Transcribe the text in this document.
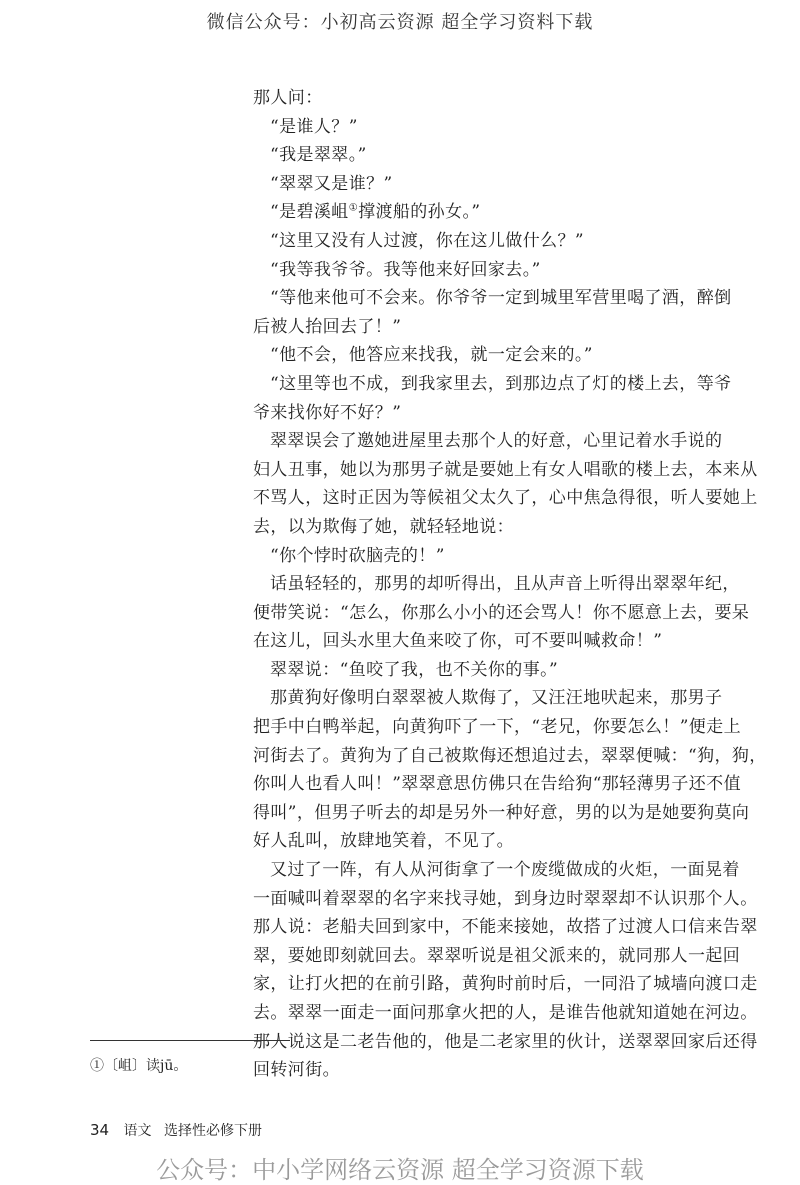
微信公众号：小初高云资源 超全学习资料下载
那人问：
“是谁人？”
“我是翠翠。”
“翠翠又是谁？”
“是碧溪岨①撑渡船的孙女。”
“这里又没有人过渡，你在这儿做什么？”
“我等我爷爷。我等他来好回家去。”
“等他来他可不会来。你爷爷一定到城里军营里喝了酒，醉倒
后被人抬回去了！”
“他不会，他答应来找我，就一定会来的。”
“这里等也不成，到我家里去，到那边点了灯的楼上去，等爷
爷来找你好不好？”
翠翠误会了邀她进屋里去那个人的好意，心里记着水手说的
妇人丑事，她以为那男子就是要她上有女人唱歌的楼上去，本来从
不骂人，这时正因为等候祖父太久了，心中焦急得很，听人要她上
去，以为欺侮了她，就轻轻地说：
“你个悖时砍脑壳的！”
话虽轻轻的，那男的却听得出，且从声音上听得出翠翠年纪，
便带笑说：“怎么，你那么小小的还会骂人！你不愿意上去，要呆
在这儿，回头水里大鱼来咬了你，可不要叫喊救命！”
翠翠说：“鱼咬了我，也不关你的事。”
那黄狗好像明白翠翠被人欺侮了，又汪汪地吠起来，那男子
把手中白鸭举起，向黄狗吓了一下，“老兄，你要怎么！”便走上
河街去了。黄狗为了自己被欺侮还想追过去，翠翠便喊：“狗，狗，
你叫人也看人叫！”翠翠意思仿佛只在告给狗“那轻薄男子还不值
得叫”，但男子听去的却是另外一种好意，男的以为是她要狗莫向
好人乱叫，放肆地笑着，不见了。
又过了一阵，有人从河街拿了一个废缆做成的火炬，一面晃着
一面喊叫着翠翠的名字来找寻她，到身边时翠翠却不认识那个人。
那人说：老船夫回到家中，不能来接她，故搭了过渡人口信来告翠
翠，要她即刻就回去。翠翠听说是祖父派来的，就同那人一起回
家，让打火把的在前引路，黄狗时前时后，一同沿了城墙向渡口走
去。翠翠一面走一面问那拿火把的人，是谁告他就知道她在河边。
那人说这是二老告他的，他是二老家里的伙计，送翠翠回家后还得
回转河街。
①〔岨〕读jū。
34 语文 选择性必修下册
公众号：中小学网络云资源 超全学习资源下载
